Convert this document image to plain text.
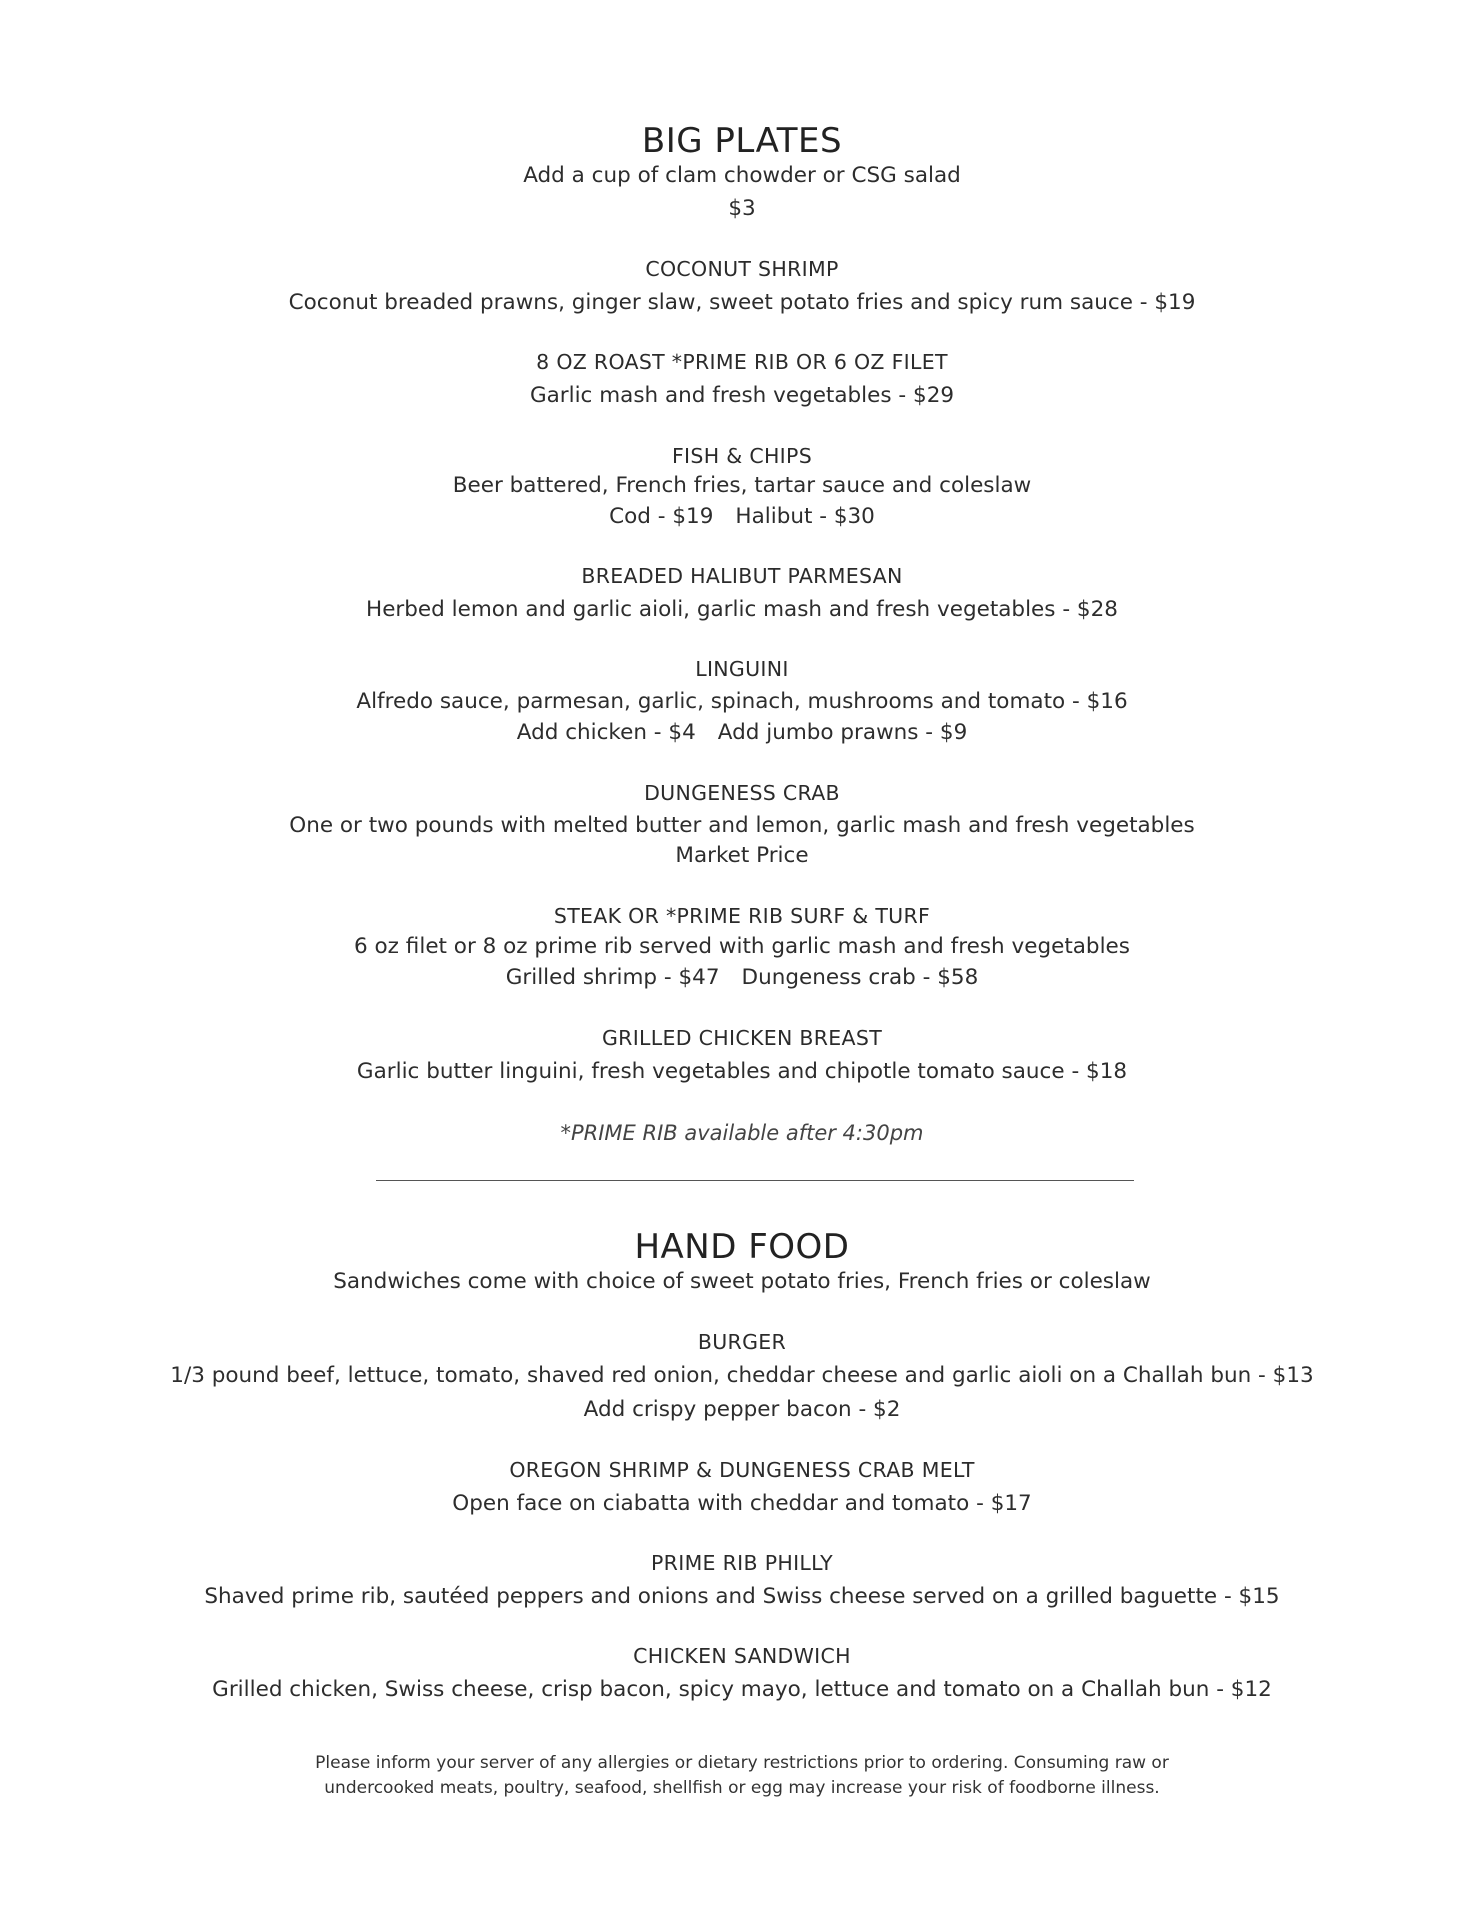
BIG PLATES
Add a cup of clam chowder or CSG salad
$3
COCONUT SHRIMP
Coconut breaded prawns, ginger slaw, sweet potato fries and spicy rum sauce - $19
8 OZ ROAST *PRIME RIB OR 6 OZ FILET
Garlic mash and fresh vegetables - $29
FISH & CHIPS
Beer battered, French fries, tartar sauce and coleslaw
Cod - $19 Halibut - $30
BREADED HALIBUT PARMESAN
Herbed lemon and garlic aioli, garlic mash and fresh vegetables - $28
LINGUINI
Alfredo sauce, parmesan, garlic, spinach, mushrooms and tomato - $16
Add chicken - $4 Add jumbo prawns - $9
DUNGENESS CRAB
One or two pounds with melted butter and lemon, garlic mash and fresh vegetables
Market Price
STEAK OR *PRIME RIB SURF & TURF
6 oz filet or 8 oz prime rib served with garlic mash and fresh vegetables
Grilled shrimp - $47 Dungeness crab - $58
GRILLED CHICKEN BREAST
Garlic butter linguini, fresh vegetables and chipotle tomato sauce - $18
*PRIME RIB available after 4:30pm
HAND FOOD
Sandwiches come with choice of sweet potato fries, French fries or coleslaw
BURGER
1/3 pound beef, lettuce, tomato, shaved red onion, cheddar cheese and garlic aioli on a Challah bun - $13
Add crispy pepper bacon - $2
OREGON SHRIMP & DUNGENESS CRAB MELT
Open face on ciabatta with cheddar and tomato - $17
PRIME RIB PHILLY
Shaved prime rib, sautéed peppers and onions and Swiss cheese served on a grilled baguette - $15
CHICKEN SANDWICH
Grilled chicken, Swiss cheese, crisp bacon, spicy mayo, lettuce and tomato on a Challah bun - $12
Please inform your server of any allergies or dietary restrictions prior to ordering. Consuming raw or
undercooked meats, poultry, seafood, shellfish or egg may increase your risk of foodborne illness.
